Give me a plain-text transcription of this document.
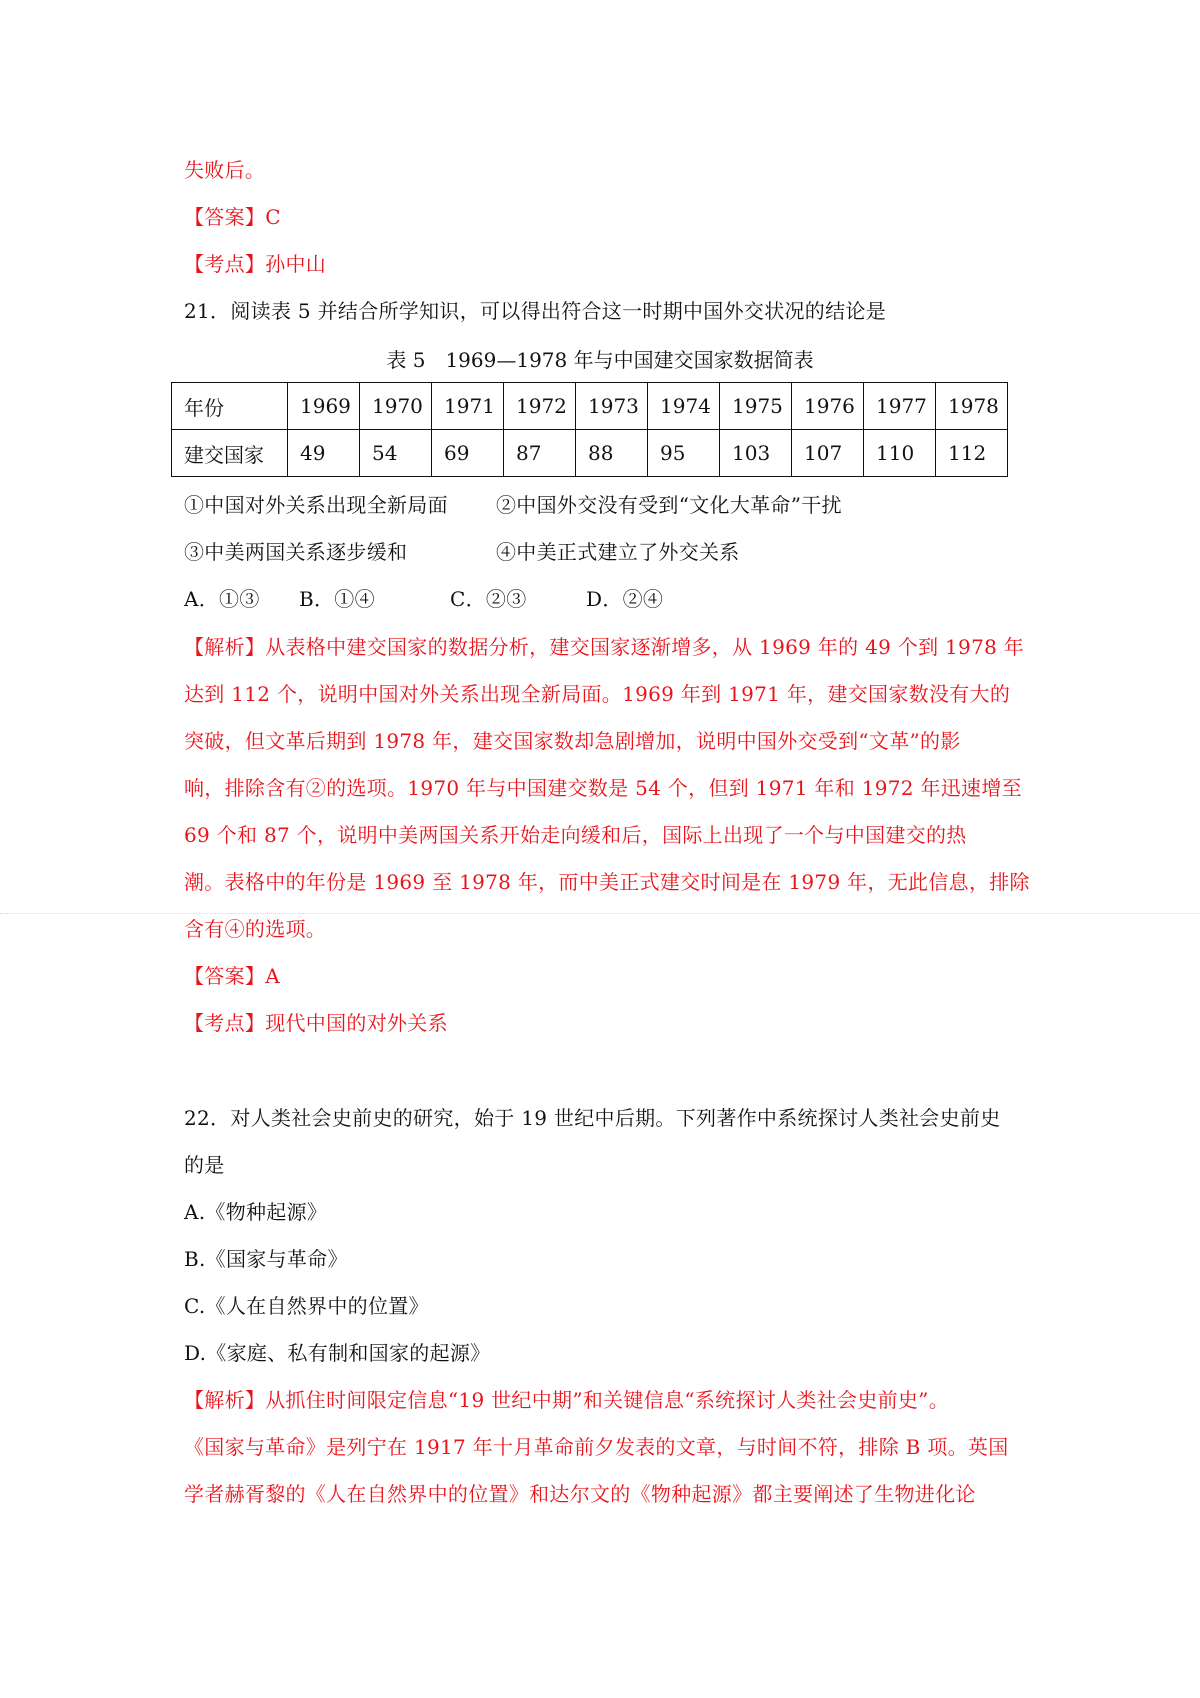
失败后。
【答案】C
【考点】孙中山
21．阅读表 5 并结合所学知识，可以得出符合这一时期中国外交状况的结论是
表 5　1969—1978 年与中国建交国家数据简表
年份	1969	1970	1971	1972	1973	1974	1975	1976	1977	1978
建交国家	49	54	69	87	88	95	103	107	110	112
①中国对外关系出现全新局面 ②中国外交没有受到“文化大革命”干扰
③中美两国关系逐步缓和	④中美正式建立了外交关系
A．①③ B．①④	C．②③	D．②④
【解析】从表格中建交国家的数据分析，建交国家逐渐增多，从 1969 年的 49 个到 1978 年
达到 112 个，说明中国对外关系出现全新局面。1969 年到 1971 年，建交国家数没有大的
突破，但文革后期到 1978 年，建交国家数却急剧增加，说明中国外交受到“文革”的影
响，排除含有②的选项。1970 年与中国建交数是 54 个，但到 1971 年和 1972 年迅速增至
69 个和 87 个，说明中美两国关系开始走向缓和后，国际上出现了一个与中国建交的热
潮。表格中的年份是 1969 至 1978 年，而中美正式建交时间是在 1979 年，无此信息，排除
含有④的选项。
【答案】A
【考点】现代中国的对外关系
22．对人类社会史前史的研究，始于 19 世纪中后期。下列著作中系统探讨人类社会史前史
的是
A.《物种起源》
B.《国家与革命》
C.《人在自然界中的位置》
D.《家庭、私有制和国家的起源》
【解析】从抓住时间限定信息“19 世纪中期”和关键信息“系统探讨人类社会史前史”。
《国家与革命》是列宁在 1917 年十月革命前夕发表的文章，与时间不符，排除 B 项。英国
学者赫胥黎的《人在自然界中的位置》和达尔文的《物种起源》都主要阐述了生物进化论
